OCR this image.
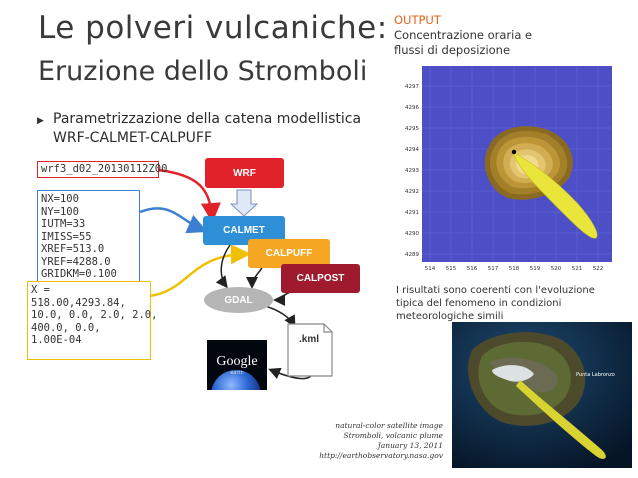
Le polveri vulcaniche:
Eruzione dello Stromboli
▶ Parametrizzazione della catena modellistica
WRF-CALMET-CALPUFF
wrf3_d02_20130112Z00
NX=100
NY=100
IUTM=33
IMISS=55
XREF=513.0
YREF=4288.0
GRIDKM=0.100
X =
518.00,4293.84,
10.0, 0.0, 2.0, 2.0,
400.0, 0.0,
1.00E-04
WRF
CALMET
CALPUFF
CALPOST
GDAL
.kml
Google
earth
OUTPUT
Concentrazione oraria e
flussi di deposizione
4297
4296
4295
4294
4293
4292
4291
4290
4289
514 515 516 517 518 519 520 521 522
I risultati sono coerenti con l'evoluzione
tipica del fenomeno in condizioni
meteorologiche simili
Punta Labronzo
natural-color satellite image
Stromboli, volcanic plume
January 13, 2011
http://earthobservatory.nasa.gov
